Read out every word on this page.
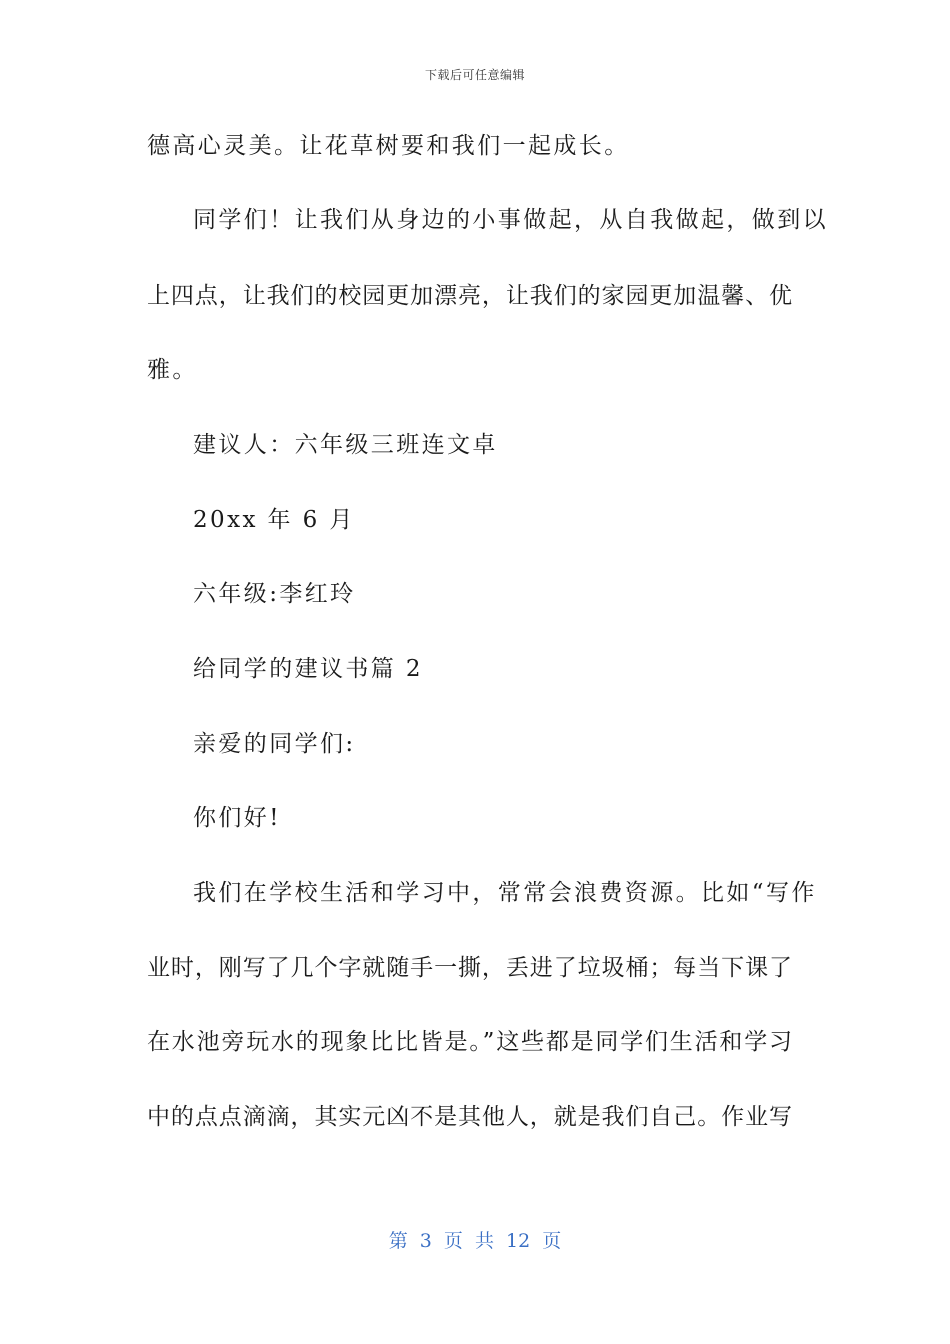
下载后可任意编辑
德高心灵美。让花草树要和我们一起成长。
同学们！让我们从身边的小事做起，从自我做起，做到以
上四点，让我们的校园更加漂亮，让我们的家园更加温馨、优
雅。
建议人：六年级三班连文卓
20xx 年 6 月
六年级:李红玲
给同学的建议书篇 2
亲爱的同学们:
你们好!
我们在学校生活和学习中，常常会浪费资源。比如“写作
业时，刚写了几个字就随手一撕，丢进了垃圾桶；每当下课了
在水池旁玩水的现象比比皆是。”这些都是同学们生活和学习
中的点点滴滴，其实元凶不是其他人，就是我们自己。作业写
第 3 页 共 12 页
